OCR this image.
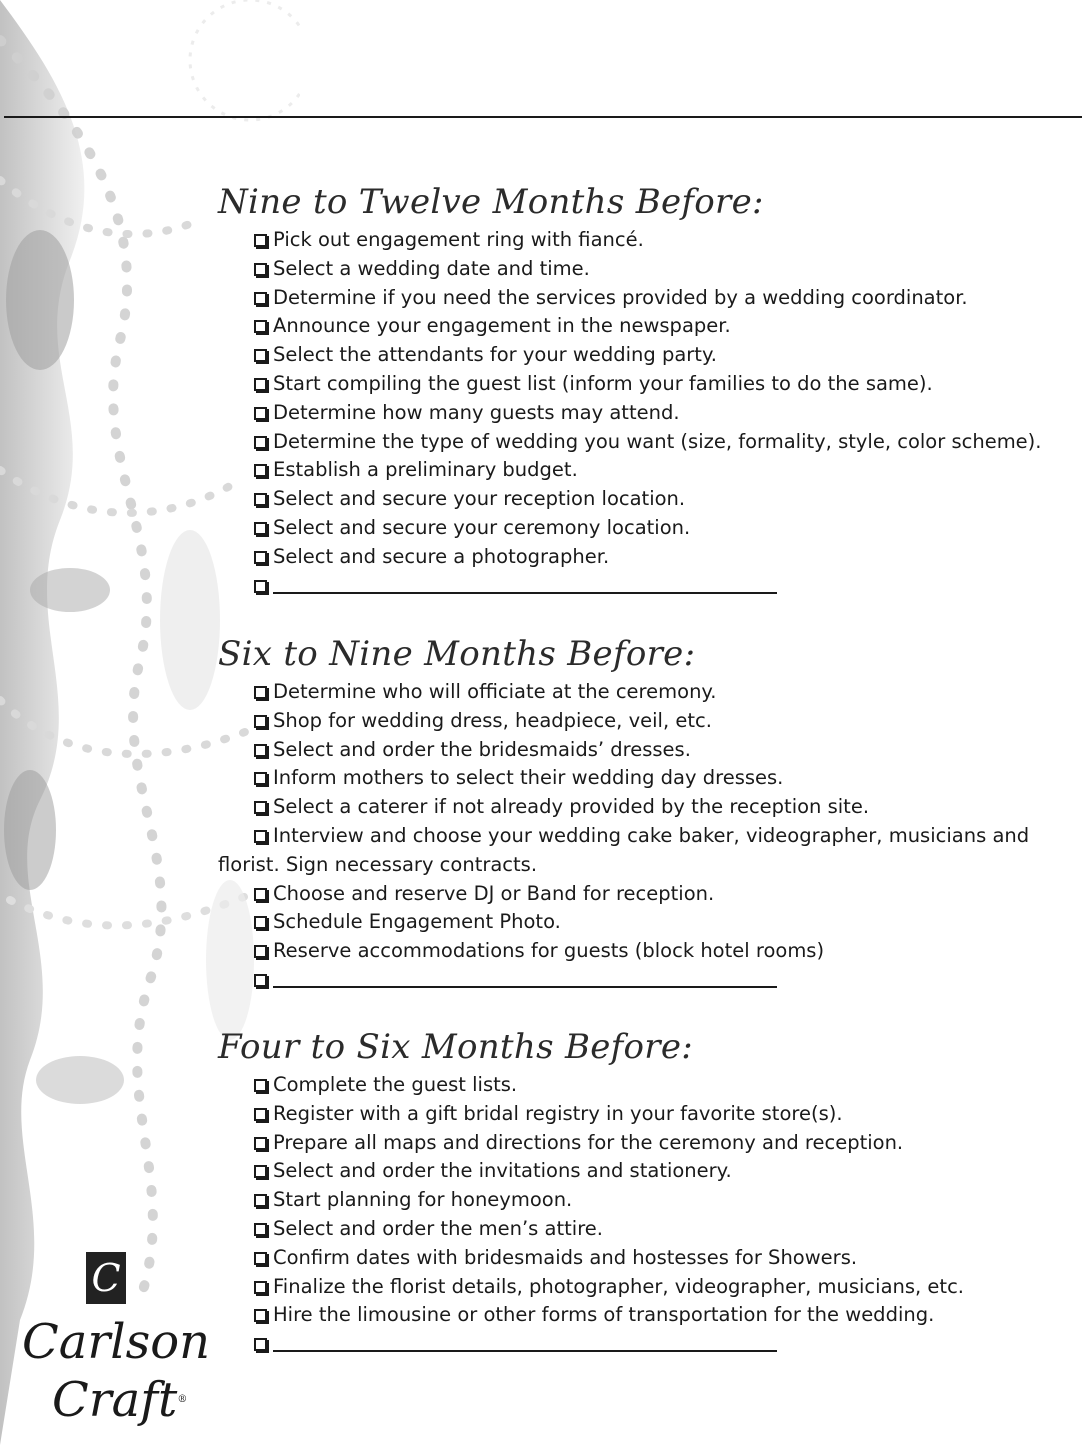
Nine to Twelve Months Before:
Pick out engagement ring with fiancé.
Select a wedding date and time.
Determine if you need the services provided by a wedding coordinator.
Announce your engagement in the newspaper.
Select the attendants for your wedding party.
Start compiling the guest list (inform your families to do the same).
Determine how many guests may attend.
Determine the type of wedding you want (size, formality, style, color scheme).
Establish a preliminary budget.
Select and secure your reception location.
Select and secure your ceremony location.
Select and secure a photographer.
Six to Nine Months Before:
Determine who will officiate at the ceremony.
Shop for wedding dress, headpiece, veil, etc.
Select and order the bridesmaids’ dresses.
Inform mothers to select their wedding day dresses.
Select a caterer if not already provided by the reception site.
Interview and choose your wedding cake baker, videographer, musicians and
florist. Sign necessary contracts.
Choose and reserve DJ or Band for reception.
Schedule Engagement Photo.
Reserve accommodations for guests (block hotel rooms)
Four to Six Months Before:
Complete the guest lists.
Register with a gift bridal registry in your favorite store(s).
Prepare all maps and directions for the ceremony and reception.
Select and order the invitations and stationery.
Start planning for honeymoon.
Select and order the men’s attire.
Confirm dates with bridesmaids and hostesses for Showers.
Finalize the florist details, photographer, videographer, musicians, etc.
Hire the limousine or other forms of transportation for the wedding.
C
Carlson
Craft®
